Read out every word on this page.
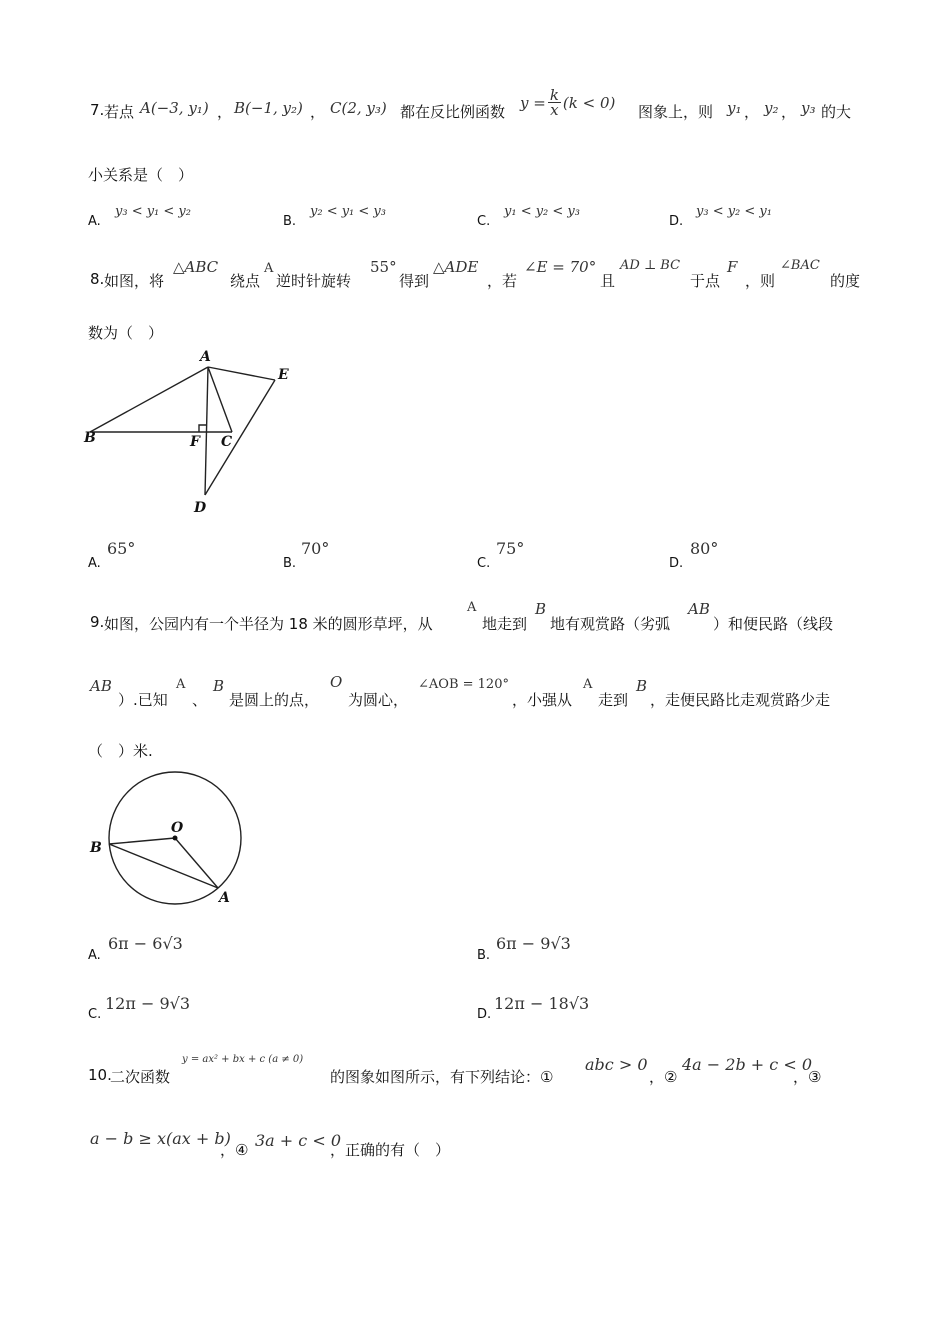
7. 若点 A(−3, y₁) ， B(−1, y₂) ， C(2, y₃) 都在反比例函数
$y = \frac{k}{x} (k < 0)$
图象上，则 y₁ ， y₂ ， y₃ 的大
小关系是（　）
A.
y₃ < y₁ < y₂
B.
y₂ < y₁ < y₃
C.
y₁ < y₂ < y₃
D.
y₃ < y₂ < y₁
8. 如图，将
△ABC
绕点
A
逆时针旋转
55°
得到
△ADE
，若
∠E = 70°
且
AD ⊥ BC
于点
F
，则
∠BAC
的度
数为（　）
A
E
B	F C
D
A.
65°
B.
70°
C.
75°
D.
80°
9. 如图，公园内有一个半径为 18 米的圆形草坪，从
A
地走到
B
地有观赏路（劣弧
AB
）和便民路（线段
AB
）.已知
A
、
B
是圆上的点，
O
为圆心，
∠AOB = 120°
，小强从
A
走到
B
，走便民路比走观赏路少走
（　）米.
O
B
A
A.
6π − 6√3
B.
6π − 9√3
C.
12π − 9√3
D.
12π − 18√3
10.
二次函数
y = ax² + bx + c (a ≠ 0)
的图象如图所示，有下列结论：①
abc > 0
，②
4a − 2b + c < 0
，③
a − b ≥ x(ax + b)
，④ 3a + c < 0
，正确的有（　）
